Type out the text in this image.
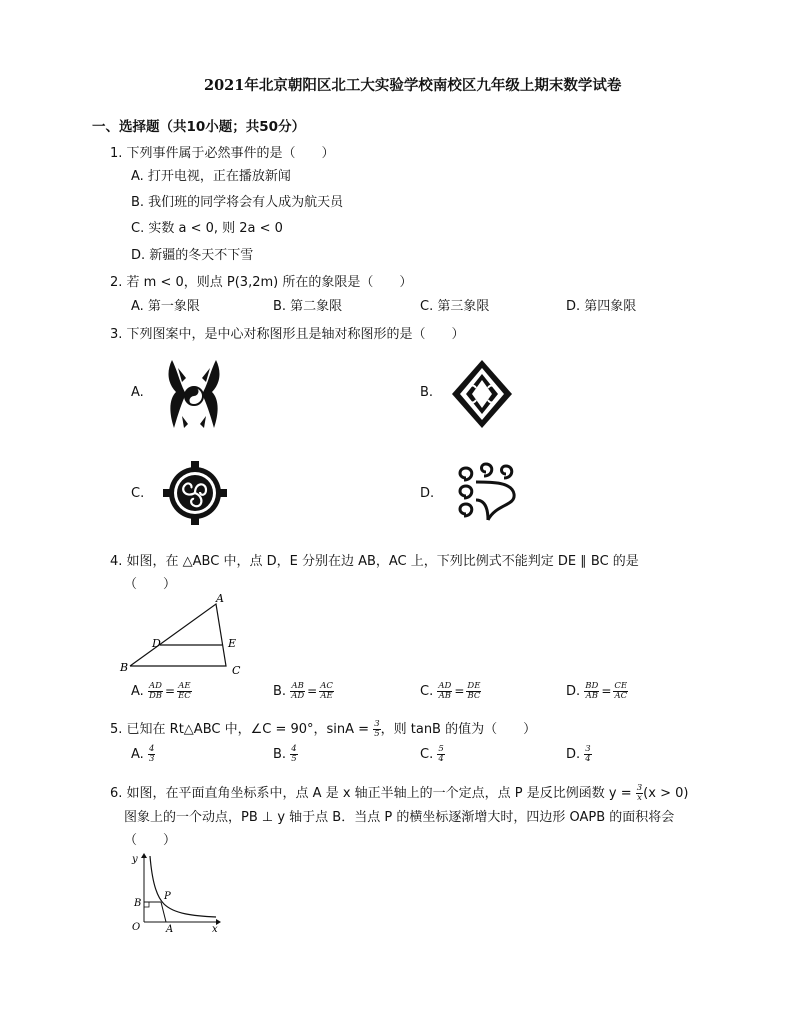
2021年北京朝阳区北工大实验学校南校区九年级上期末数学试卷
一、选择题（共10小题；共50分）
1. 下列事件属于必然事件的是（　　）
A. 打开电视，正在播放新闻
B. 我们班的同学将会有人成为航天员
C. 实数 a < 0, 则 2a < 0
D. 新疆的冬天不下雪
2. 若 m < 0，则点 P(3,2m) 所在的象限是（　　）
A. 第一象限	B. 第二象限	C. 第三象限	D. 第四象限
3. 下列图案中，是中心对称图形且是轴对称图形的是（　　）
A.	B.
C.	D.
4. 如图，在 △ABC 中，点 D，E 分别在边 AB，AC 上，下列比例式不能判定 DE ∥ BC 的是
（　　）
A
D	E
B	C
A. $\frac{AD}{DB} = \frac{AE}{EC}$	B. $\frac{AB}{AD} = \frac{AC}{AE}$	C. $\frac{AD}{AB} = \frac{DE}{BC}$	D. $\frac{BD}{AB} = \frac{CE}{AC}$
5. 已知在 Rt△ABC 中，∠C = 90°，$\sin A = \frac{3}{5}$ ，则 tanB 的值为（　　）
A. $\frac{4}{3}$	B. $\frac{4}{5}$	C. $\frac{5}{4}$	D. $\frac{3}{4}$
6. 如图，在平面直角坐标系中，点 A 是 x 轴正半轴上的一个定点，点 P 是反比例函数 $y = \frac{3}{x} (x > 0)$
图象上的一个动点，PB ⊥ y 轴于点 B．当点 P 的横坐标逐渐增大时，四边形 OAPB 的面积将会
（　　）
y
B
P
O	A	x
